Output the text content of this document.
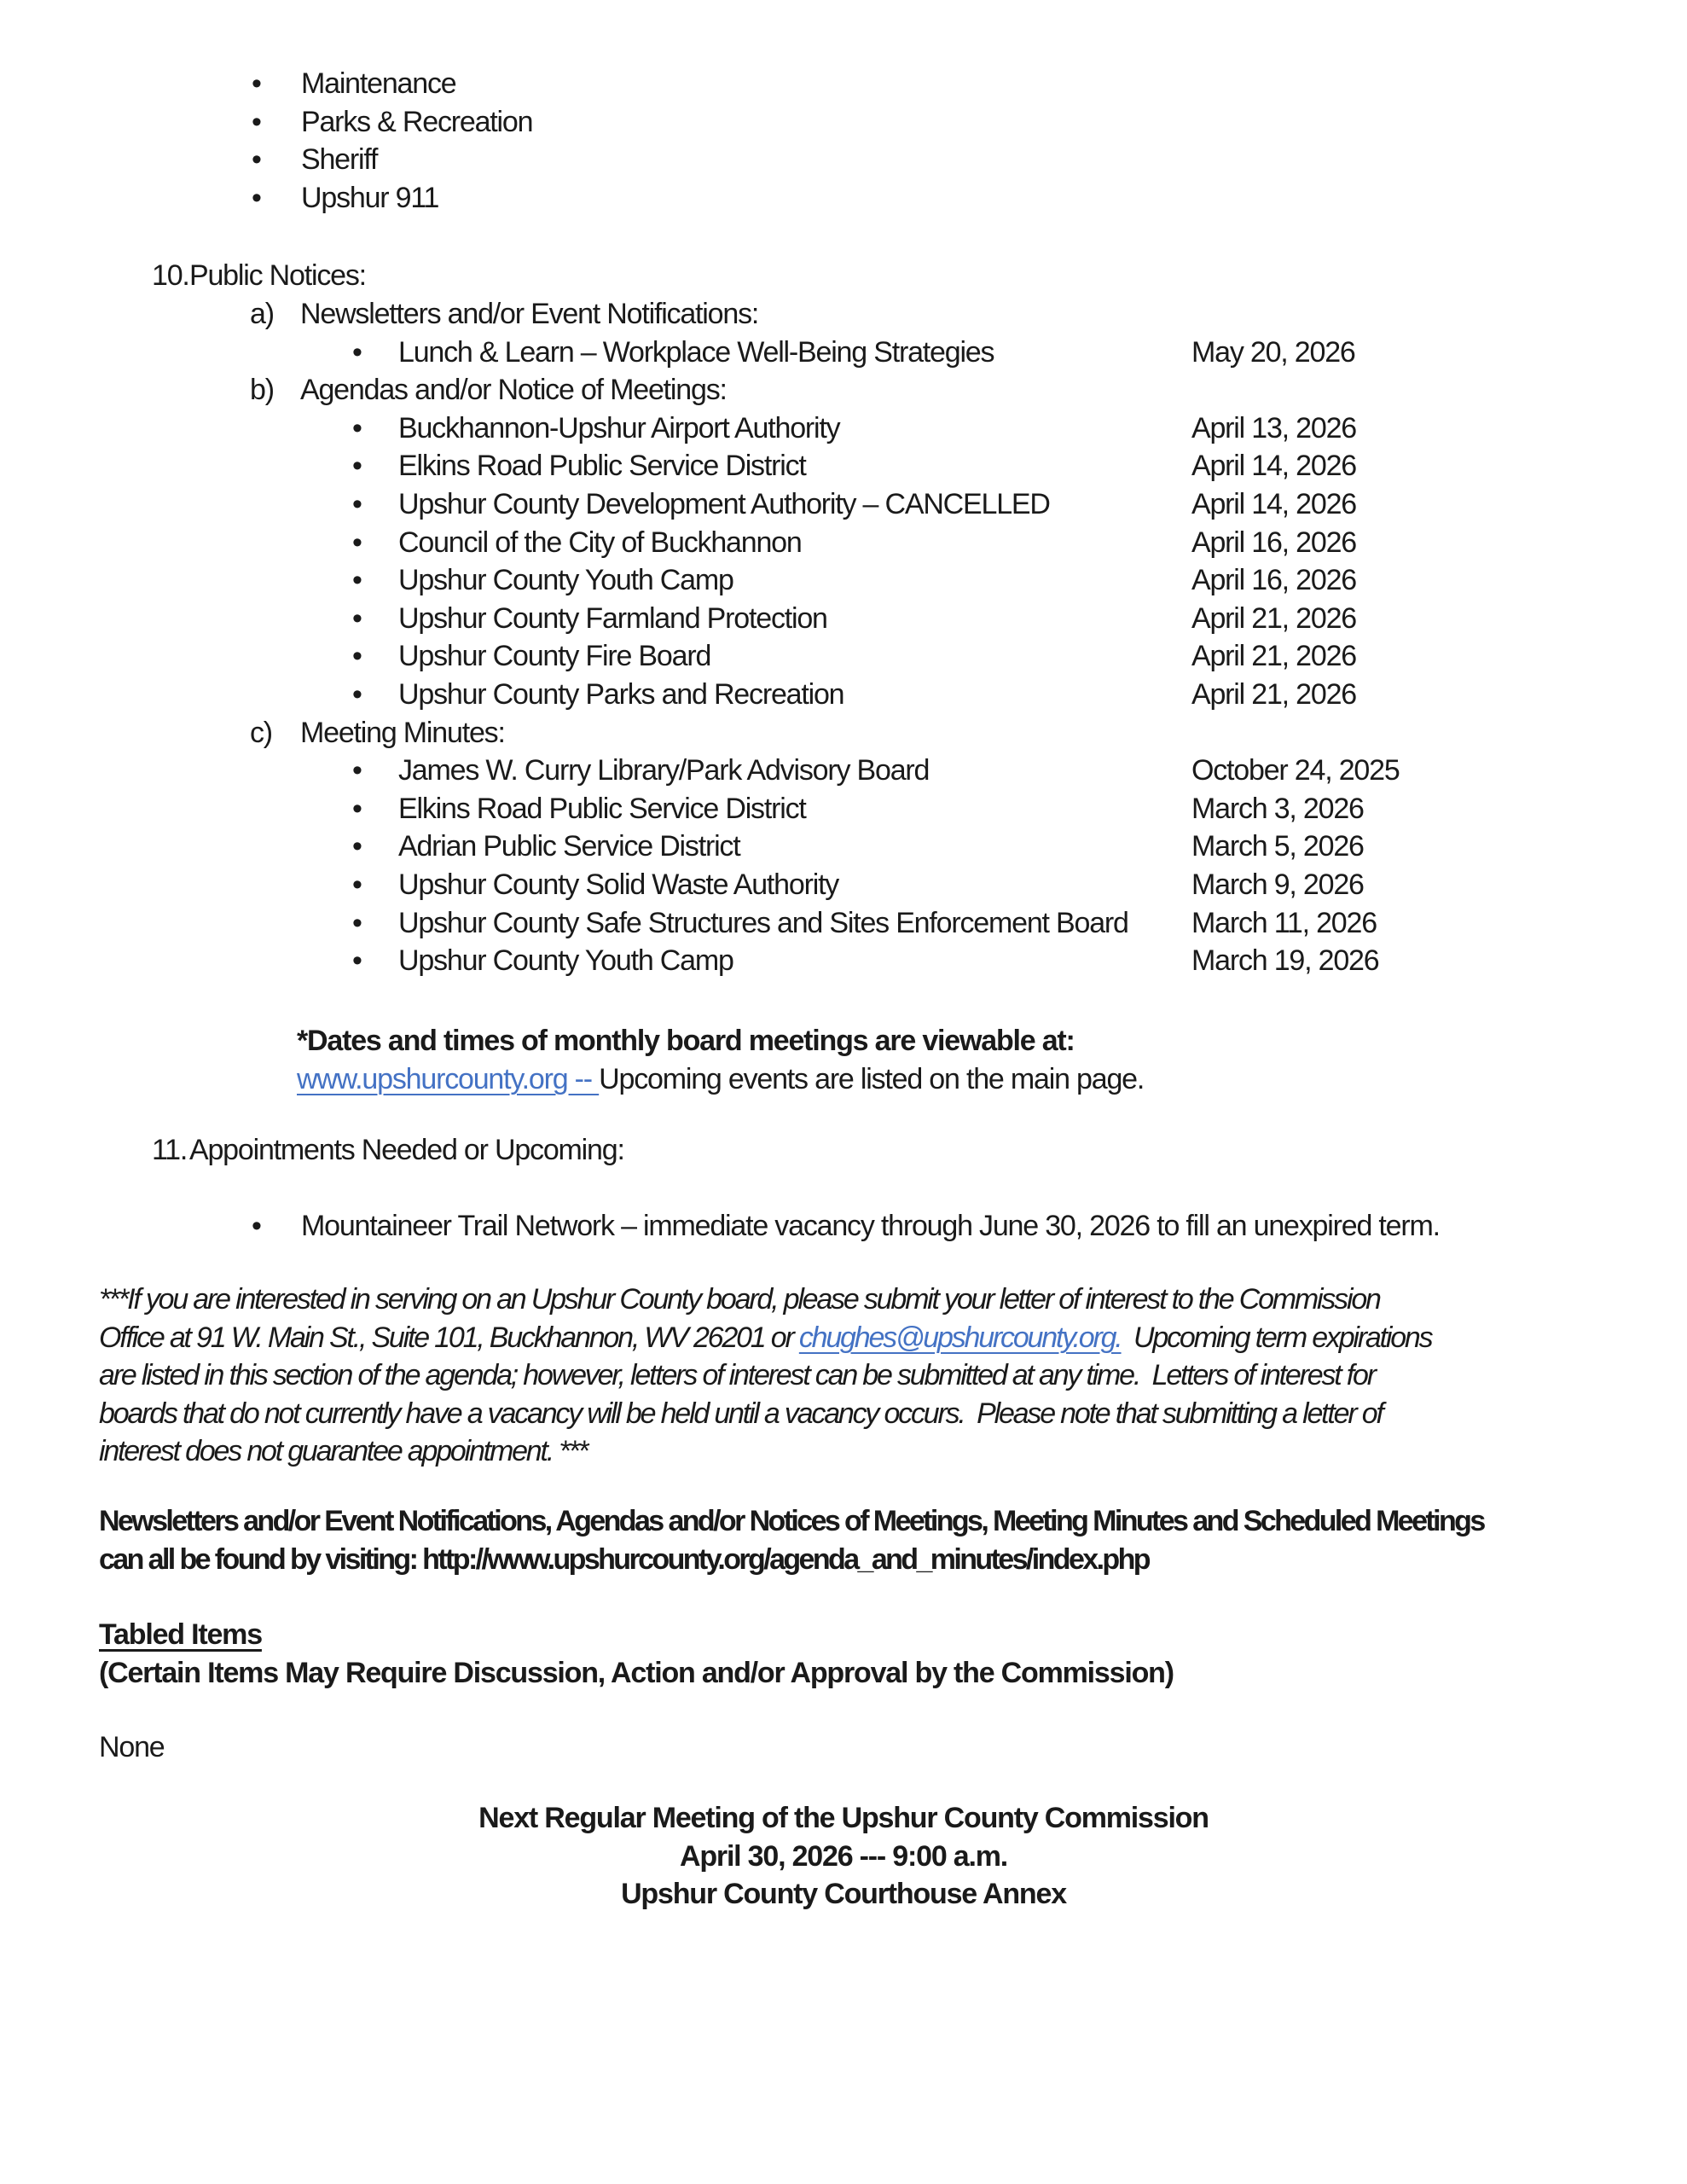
• Maintenance
• Parks & Recreation
• Sheriff
• Upshur 911
10. Public Notices:
a) Newsletters and/or Event Notifications:
• Lunch & Learn – Workplace Well-Being Strategies	May 20, 2026
b) Agendas and/or Notice of Meetings:
• Buckhannon-Upshur Airport Authority	April 13, 2026
• Elkins Road Public Service District	April 14, 2026
• Upshur County Development Authority – CANCELLED	April 14, 2026
• Council of the City of Buckhannon	April 16, 2026
• Upshur County Youth Camp	April 16, 2026
• Upshur County Farmland Protection	April 21, 2026
• Upshur County Fire Board	April 21, 2026
• Upshur County Parks and Recreation	April 21, 2026
c) Meeting Minutes:
• James W. Curry Library/Park Advisory Board	October 24, 2025
• Elkins Road Public Service District	March 3, 2026
• Adrian Public Service District	March 5, 2026
• Upshur County Solid Waste Authority	March 9, 2026
• Upshur County Safe Structures and Sites Enforcement Board March 11, 2026
• Upshur County Youth Camp	March 19, 2026
*Dates and times of monthly board meetings are viewable at:
www.upshurcounty.org -- Upcoming events are listed on the main page.
11. Appointments Needed or Upcoming:
• Mountaineer Trail Network – immediate vacancy through June 30, 2026 to fill an unexpired term.
***If you are interested in serving on an Upshur County board, please submit your letter of interest to the Commission
Office at 91 W. Main St., Suite 101, Buckhannon, WV 26201 or chughes@upshurcounty.org.  Upcoming term expirations
are listed in this section of the agenda; however, letters of interest can be submitted at any time.  Letters of interest for
boards that do not currently have a vacancy will be held until a vacancy occurs.  Please note that submitting a letter of
interest does not guarantee appointment. ***
Newsletters and/or Event Notifications, Agendas and/or Notices of Meetings, Meeting Minutes and Scheduled Meetings
can all be found by visiting: http://www.upshurcounty.org/agenda_and_minutes/index.php
Tabled Items
(Certain Items May Require Discussion, Action and/or Approval by the Commission)
None
Next Regular Meeting of the Upshur County Commission
April 30, 2026 --- 9:00 a.m.
Upshur County Courthouse Annex
